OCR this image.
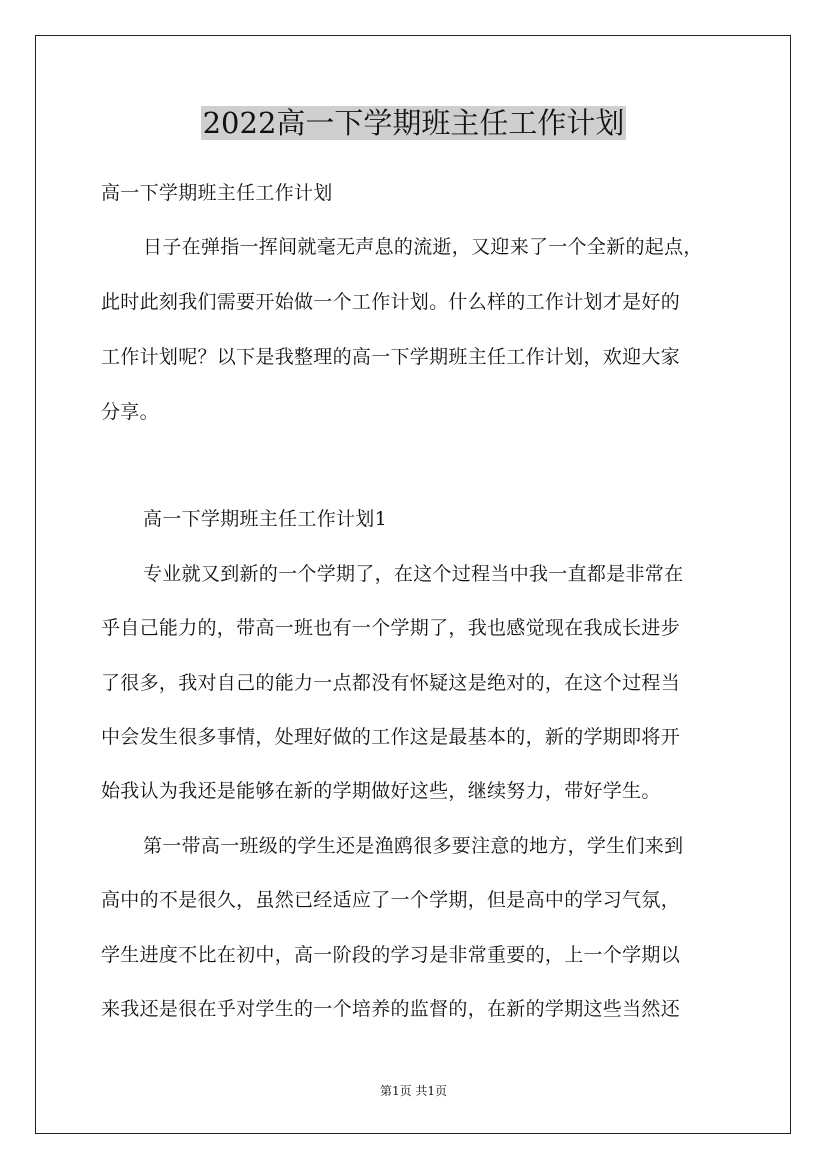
2022高一下学期班主任工作计划
高一下学期班主任工作计划
日子在弹指一挥间就毫无声息的流逝，又迎来了一个全新的起点，
此时此刻我们需要开始做一个工作计划。什么样的工作计划才是好的
工作计划呢？以下是我整理的高一下学期班主任工作计划，欢迎大家
分享。
高一下学期班主任工作计划1
专业就又到新的一个学期了，在这个过程当中我一直都是非常在
乎自己能力的，带高一班也有一个学期了，我也感觉现在我成长进步
了很多，我对自己的能力一点都没有怀疑这是绝对的，在这个过程当
中会发生很多事情，处理好做的工作这是最基本的，新的学期即将开
始我认为我还是能够在新的学期做好这些，继续努力，带好学生。
第一带高一班级的学生还是渔鸥很多要注意的地方，学生们来到
高中的不是很久，虽然已经适应了一个学期，但是高中的学习气氛，
学生进度不比在初中，高一阶段的学习是非常重要的，上一个学期以
来我还是很在乎对学生的一个培养的监督的，在新的学期这些当然还
第1页 共1页
